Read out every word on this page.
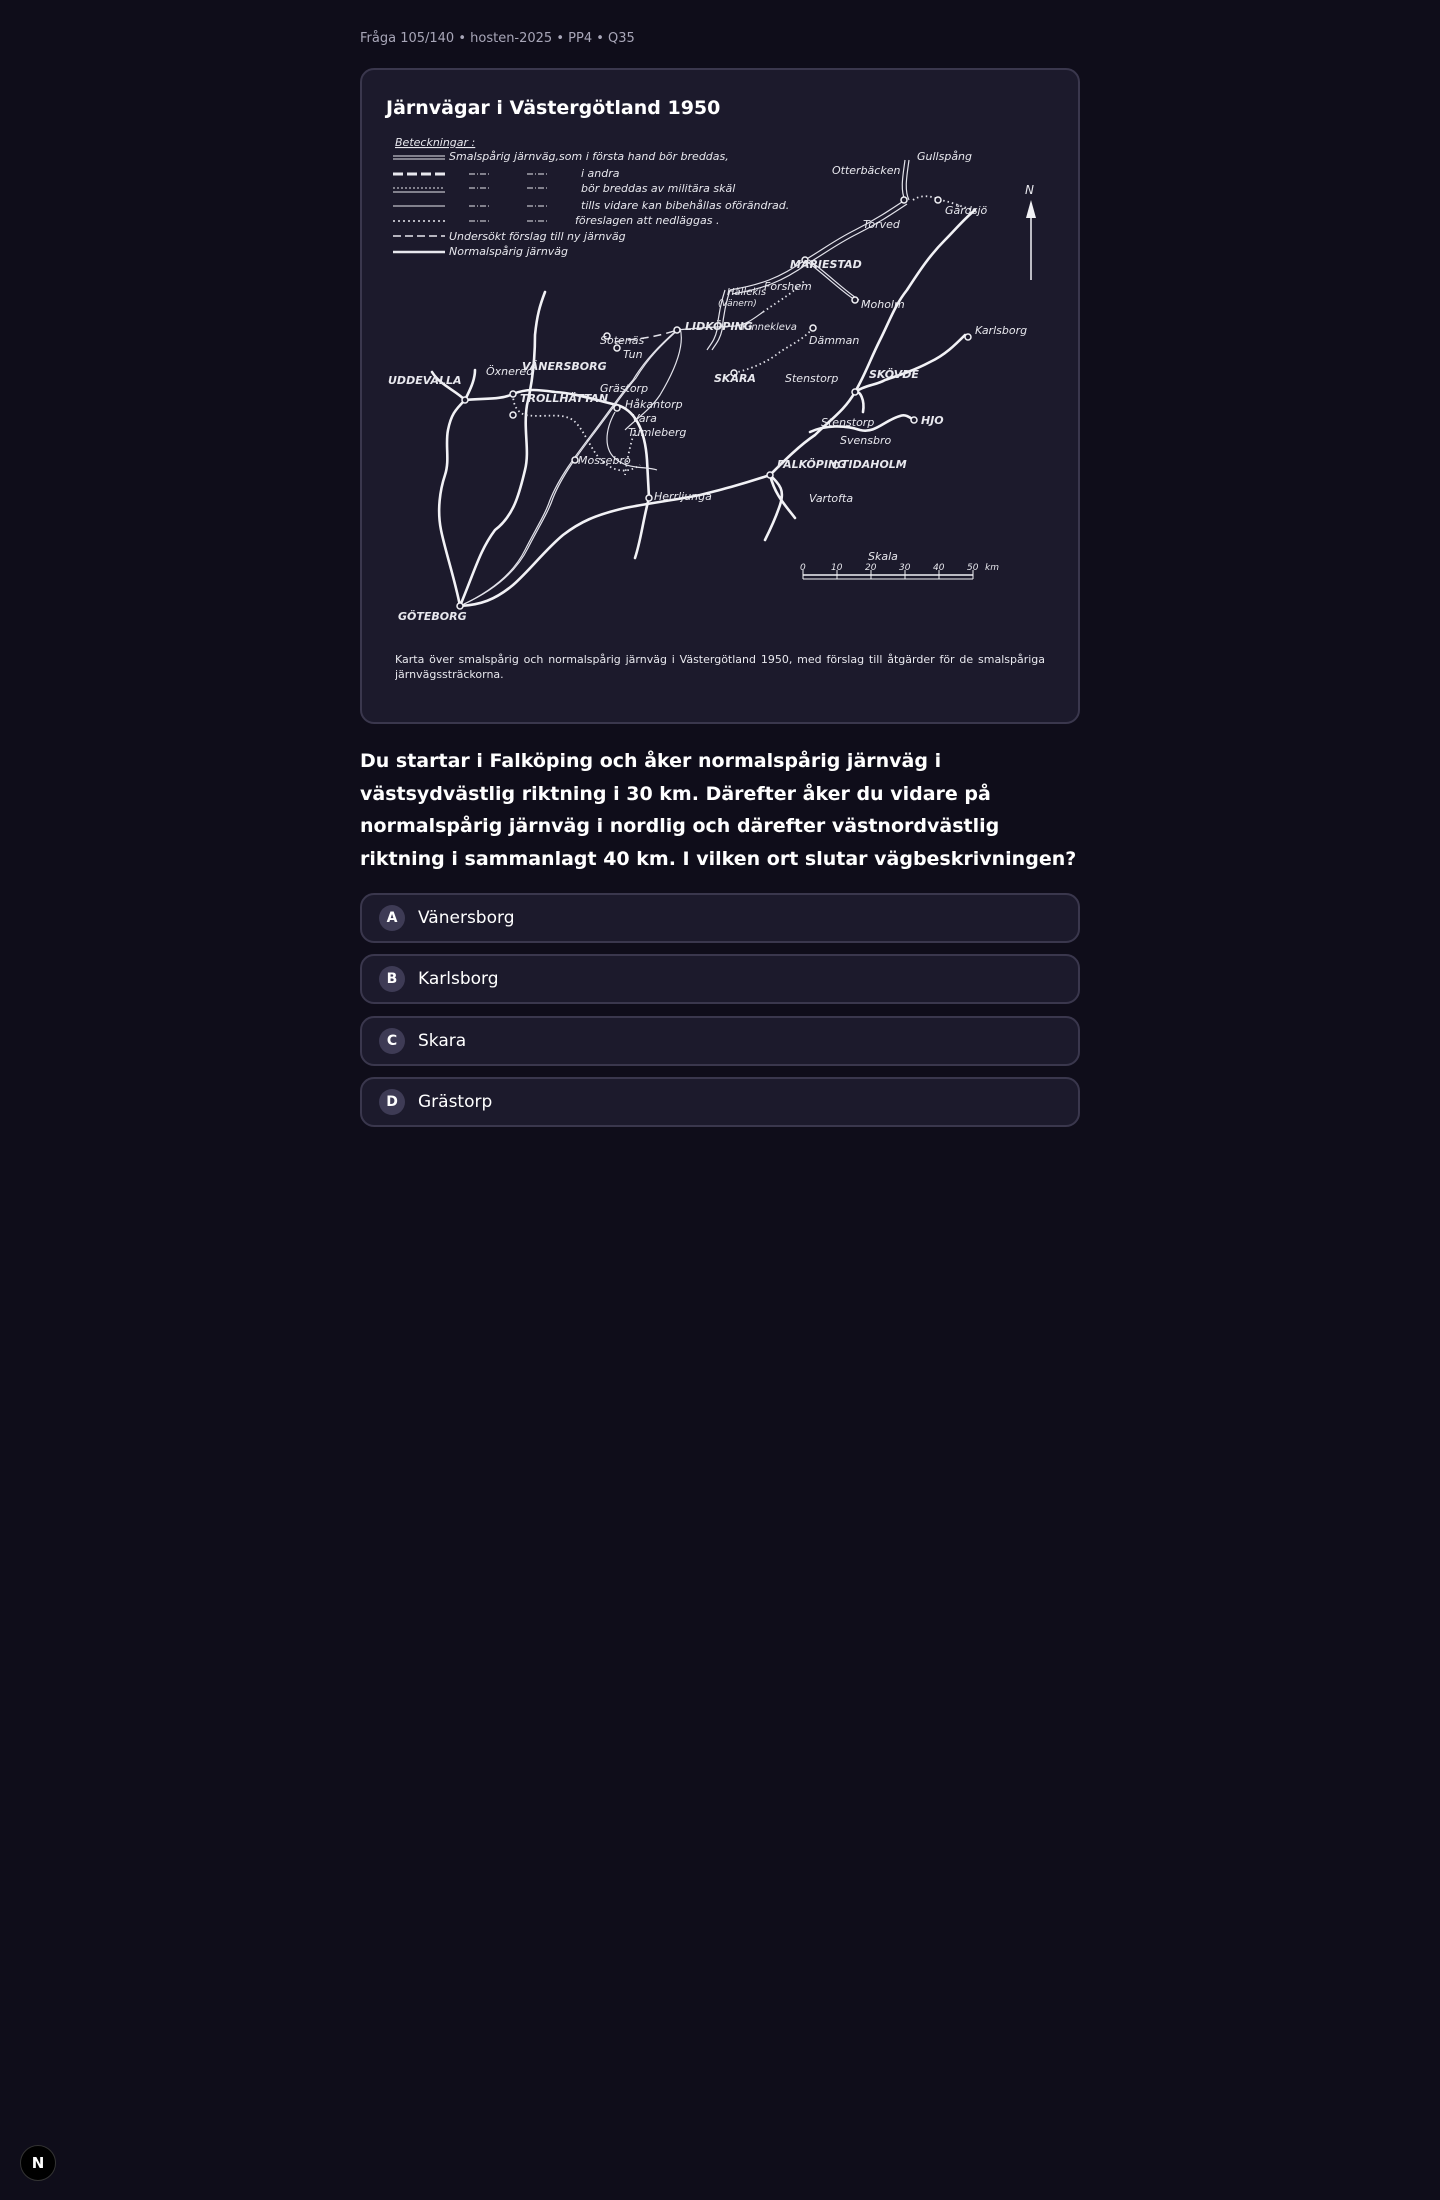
Fråga 105/140 • hosten-2025 • PP4 • Q35
Järnvägar i Västergötland 1950
Beteckningar :
Smalspårig järnväg,som i första hand bör breddas,
i andra
bör breddas av militära skäl
tills vidare kan bibehållas oförändrad.
föreslagen att nedläggas .
Undersökt förslag till ny järnväg
Normalspårig järnväg
Otterbäcken
Gullspång
Gårdsjö
Torved
MARIESTAD
Moholm
Karlsborg
Hällekis
(Vänern)
Forshem
LIDKÖPING
Kinnekleva
Dämman
Sotenäs
Tun
VÄNERSBORG
Öxnered
UDDEVALLA
TROLLHÄTTAN
Grästorp
SKARA	Stenstorp	SKÖVDE
Håkantorp
Vara
Tumleberg
Mossebro
Herrljunga
FALKÖPING
TIDAHOLM
HJO
Vartofta
Svensbro
GÖTEBORG
Stenstorp
N
Skala
0	10	20	30	40	50 km
Karta över smalspårig och normalspårig järnväg i Västergötland 1950, med förslag till åtgärder för de smalspåriga järnvägssträckorna.
Du startar i Falköping och åker normalspårig järnväg i västsydvästlig riktning i 30 km. Därefter åker du vidare på normalspårig järnväg i nordlig och därefter västnordvästlig riktning i sammanlagt 40 km. I vilken ort slutar vägbeskrivningen?
A	Vänersborg
B	Karlsborg
C	Skara
D	Grästorp
N
